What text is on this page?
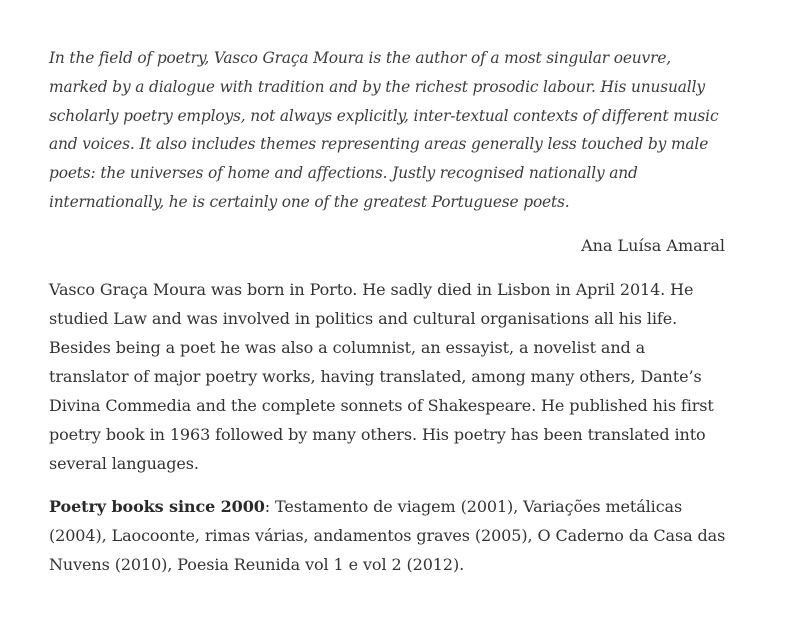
In the field of poetry, Vasco Graça Moura is the author of a most singular oeuvre, marked by a dialogue with tradition and by the richest prosodic labour. His unusually scholarly poetry employs, not always explicitly, inter-textual contexts of different music and voices. It also includes themes representing areas generally less touched by male poets: the universes of home and affections. Justly recognised nationally and internationally, he is certainly one of the greatest Portuguese poets.

Ana Luísa Amaral

Vasco Graça Moura was born in Porto. He sadly died in Lisbon in April 2014. He studied Law and was involved in politics and cultural organisations all his life. Besides being a poet he was also a columnist, an essayist, a novelist and a translator of major poetry works, having translated, among many others, Dante’s Divina Commedia and the complete sonnets of Shakespeare. He published his first poetry book in 1963 followed by many others. His poetry has been translated into several languages.

Poetry books since 2000: Testamento de viagem (2001), Variações metálicas (2004), Laocoonte, rimas várias, andamentos graves (2005), O Caderno da Casa das Nuvens (2010), Poesia Reunida vol 1 e vol 2 (2012).
